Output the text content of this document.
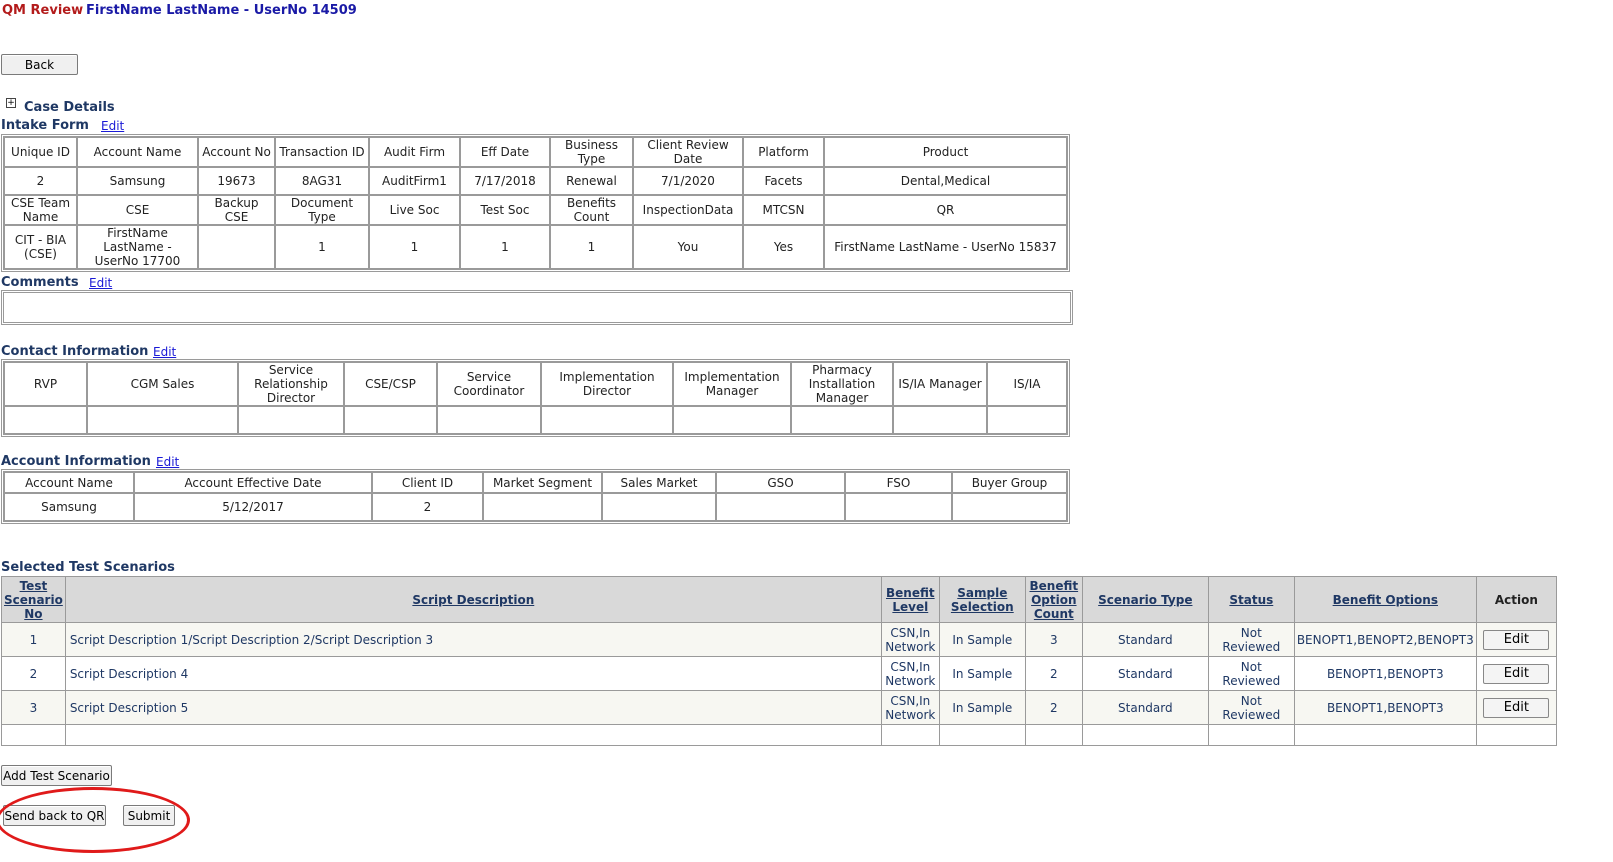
QM Review FirstName LastName - UserNo 14509
Back
+ Case Details
Intake Form Edit
Unique ID	Account Name	Account No	Transaction ID	Audit Firm	Eff Date	Business Type	Client Review Date	Platform	Product
2	Samsung	19673	8AG31	AuditFirm1	7/17/2018	Renewal	7/1/2020	Facets	Dental,Medical
CSE Team Name	CSE	Backup CSE	Document Type	Live Soc	Test Soc	Benefits Count	InspectionData	MTCSN	QR
CIT - BIA (CSE)	FirstName LastName - UserNo 17700		1	1	1	1	You	Yes	FirstName LastName - UserNo 15837
Comments Edit
Contact Information Edit
RVP	CGM Sales	Service Relationship Director	CSE/CSP	Service Coordinator	Implementation Director	Implementation Manager	Pharmacy Installation Manager	IS/IA Manager	IS/IA

Account Information Edit
Account Name	Account Effective Date	Client ID	Market Segment	Sales Market	GSO	FSO	Buyer Group
Samsung	5/12/2017	2					
Selected Test Scenarios
Test Scenario No	Script Description	Benefit Level	Sample Selection	Benefit Option Count	Scenario Type	Status	Benefit Options	Action
1	Script Description 1/Script Description 2/Script Description 3	CSN,In Network	In Sample	3	Standard	Not Reviewed	BENOPT1,BENOPT2,BENOPT3	Edit
2	Script Description 4	CSN,In Network	In Sample	2	Standard	Not Reviewed	BENOPT1,BENOPT3	Edit
3	Script Description 5	CSN,In Network	In Sample	2	Standard	Not Reviewed	BENOPT1,BENOPT3	Edit

Add Test Scenario
Send back to QR	Submit
